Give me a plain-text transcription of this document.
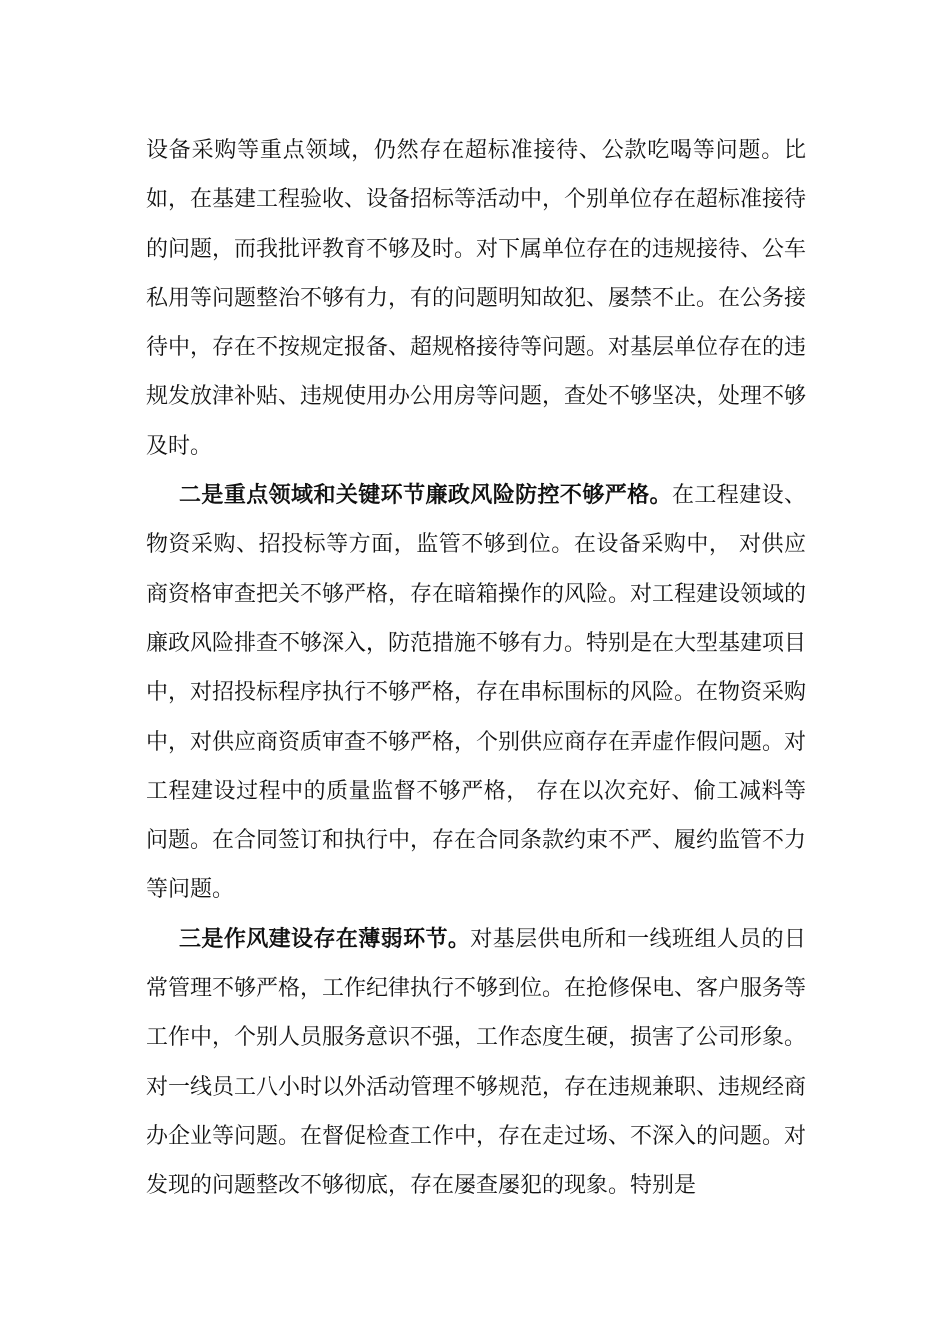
设备采购等重点领域，仍然存在超标准接待、公款吃喝等问题。比如，在基建工程验收、设备招标等活动中，个别单位存在超标准接待的问题，而我批评教育不够及时。对下属单位存在的违规接待、公车私用等问题整治不够有力，有的问题明知故犯、屡禁不止。在公务接待中，存在不按规定报备、超规格接待等问题。对基层单位存在的违规发放津补贴、违规使用办公用房等问题，查处不够坚决，处理不够及时。

二是重点领域和关键环节廉政风险防控不够严格。在工程建设、物资采购、招投标等方面，监管不够到位。在设备采购中， 对供应商资格审查把关不够严格，存在暗箱操作的风险。对工程建设领域的廉政风险排查不够深入，防范措施不够有力。特别是在大型基建项目中，对招投标程序执行不够严格，存在串标围标的风险。在物资采购中，对供应商资质审查不够严格，个别供应商存在弄虚作假问题。对工程建设过程中的质量监督不够严格， 存在以次充好、偷工减料等问题。在合同签订和执行中，存在合同条款约束不严、履约监管不力等问题。

三是作风建设存在薄弱环节。对基层供电所和一线班组人员的日常管理不够严格，工作纪律执行不够到位。在抢修保电、客户服务等工作中，个别人员服务意识不强，工作态度生硬，损害了公司形象。对一线员工八小时以外活动管理不够规范，存在违规兼职、违规经商办企业等问题。在督促检查工作中，存在走过场、不深入的问题。对发现的问题整改不够彻底，存在屡查屡犯的现象。特别是
